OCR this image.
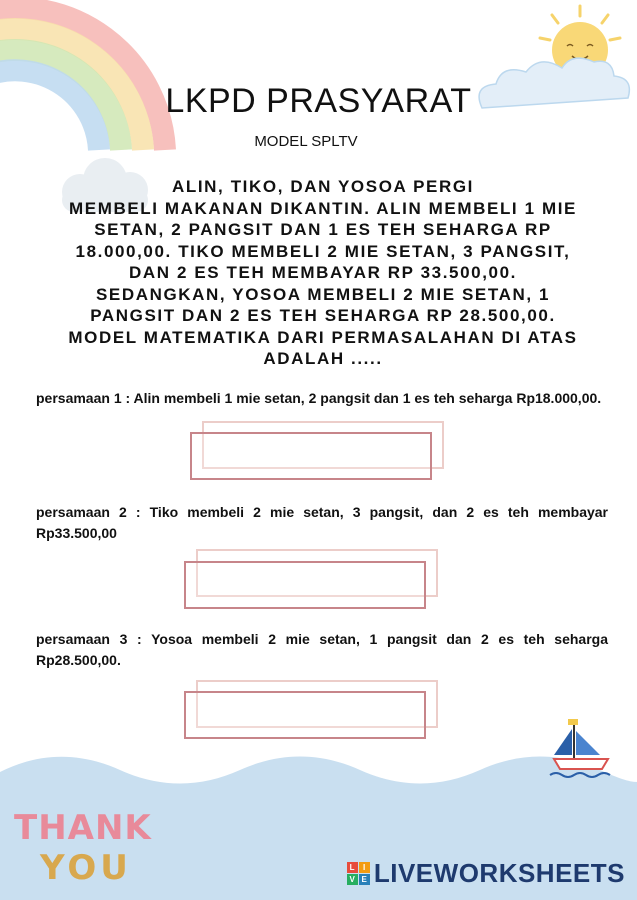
LKPD PRASYARAT
MODEL SPLTV
ALIN, TIKO, DAN YOSOA PERGI
MEMBELI MAKANAN DIKANTIN. ALIN MEMBELI 1 MIE
SETAN, 2 PANGSIT DAN 1 ES TEH SEHARGA RP
18.000,00. TIKO MEMBELI 2 MIE SETAN, 3 PANGSIT,
DAN 2 ES TEH MEMBAYAR RP 33.500,00.
SEDANGKAN, YOSOA MEMBELI 2 MIE SETAN, 1
PANGSIT DAN 2 ES TEH SEHARGA RP 28.500,00.
MODEL MATEMATIKA DARI PERMASALAHAN DI ATAS
ADALAH .....
persamaan 1 : Alin membeli 1 mie setan, 2 pangsit dan 1 es teh seharga Rp18.000,00.
persamaan 2 : Tiko membeli 2 mie setan, 3 pangsit, dan 2 es teh membayar Rp33.500,00
persamaan 3 : Yosoa membeli 2 mie setan, 1 pangsit dan 2 es teh seharga Rp28.500,00.
THANK
YOU	L I
V E LIVEWORKSHEETS
